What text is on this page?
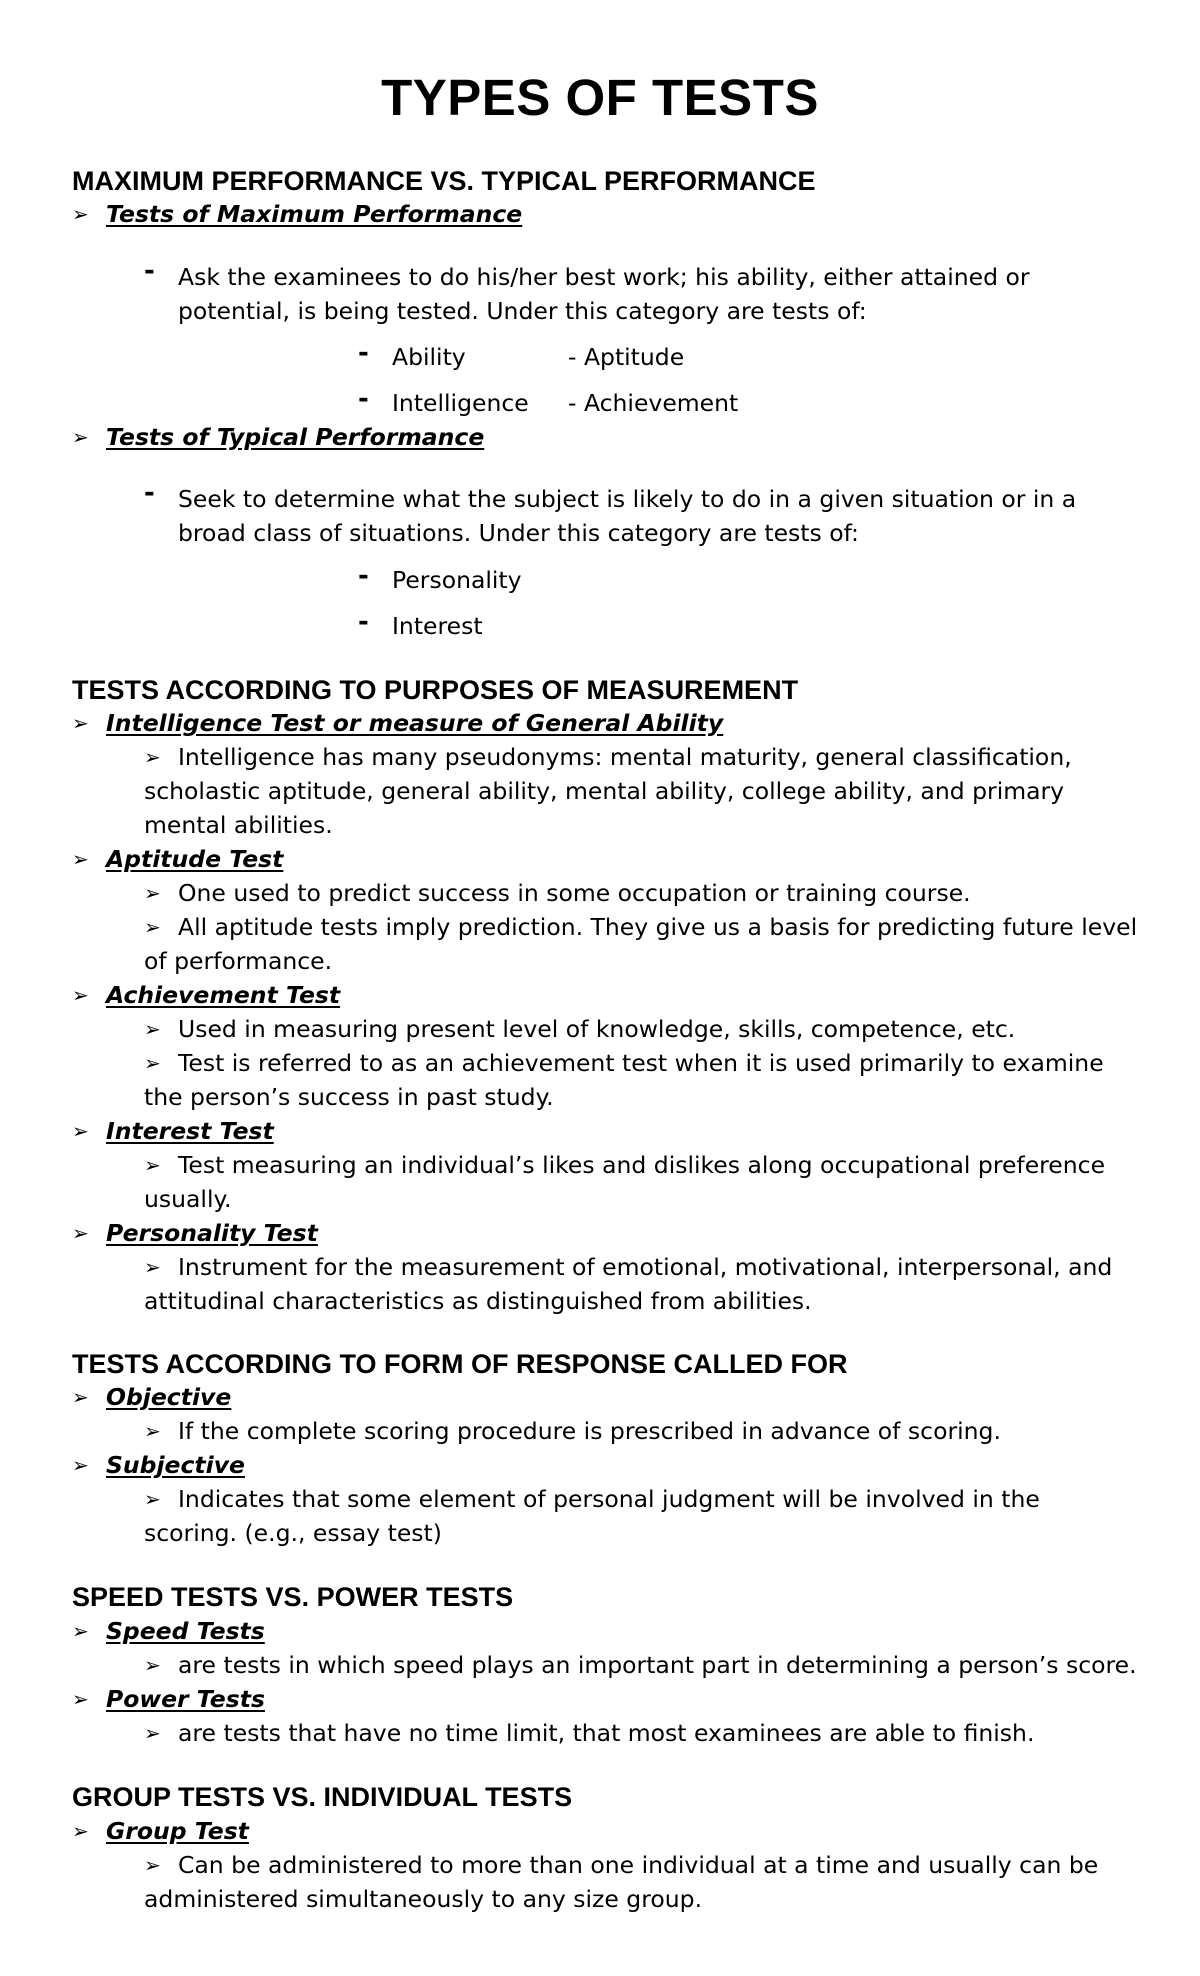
TYPES OF TESTS
MAXIMUM PERFORMANCE VS. TYPICAL PERFORMANCE
➢ Tests of Maximum Performance
- Ask the examinees to do his/her best work; his ability, either attained or potential, is being tested. Under this category are tests of:
- Ability	- Aptitude
- Intelligence - Achievement
➢ Tests of Typical Performance
- Seek to determine what the subject is likely to do in a given situation or in a broad class of situations. Under this category are tests of:
- Personality
- Interest
TESTS ACCORDING TO PURPOSES OF MEASUREMENT
➢ Intelligence Test or measure of General Ability
➢ Intelligence has many pseudonyms: mental maturity, general classification, scholastic aptitude, general ability, mental ability, college ability, and primary mental abilities.
➢ Aptitude Test
➢ One used to predict success in some occupation or training course.
➢ All aptitude tests imply prediction. They give us a basis for predicting future level of performance.
➢ Achievement Test
➢ Used in measuring present level of knowledge, skills, competence, etc.
➢ Test is referred to as an achievement test when it is used primarily to examine the person’s success in past study.
➢ Interest Test
➢ Test measuring an individual’s likes and dislikes along occupational preference usually.
➢ Personality Test
➢ Instrument for the measurement of emotional, motivational, interpersonal, and attitudinal characteristics as distinguished from abilities.
TESTS ACCORDING TO FORM OF RESPONSE CALLED FOR
➢ Objective
➢ If the complete scoring procedure is prescribed in advance of scoring.
➢ Subjective
➢ Indicates that some element of personal judgment will be involved in the scoring. (e.g., essay test)
SPEED TESTS VS. POWER TESTS
➢ Speed Tests
➢ are tests in which speed plays an important part in determining a person’s score.
➢ Power Tests
➢ are tests that have no time limit, that most examinees are able to finish.
GROUP TESTS VS. INDIVIDUAL TESTS
➢ Group Test
➢ Can be administered to more than one individual at a time and usually can be administered simultaneously to any size group.
